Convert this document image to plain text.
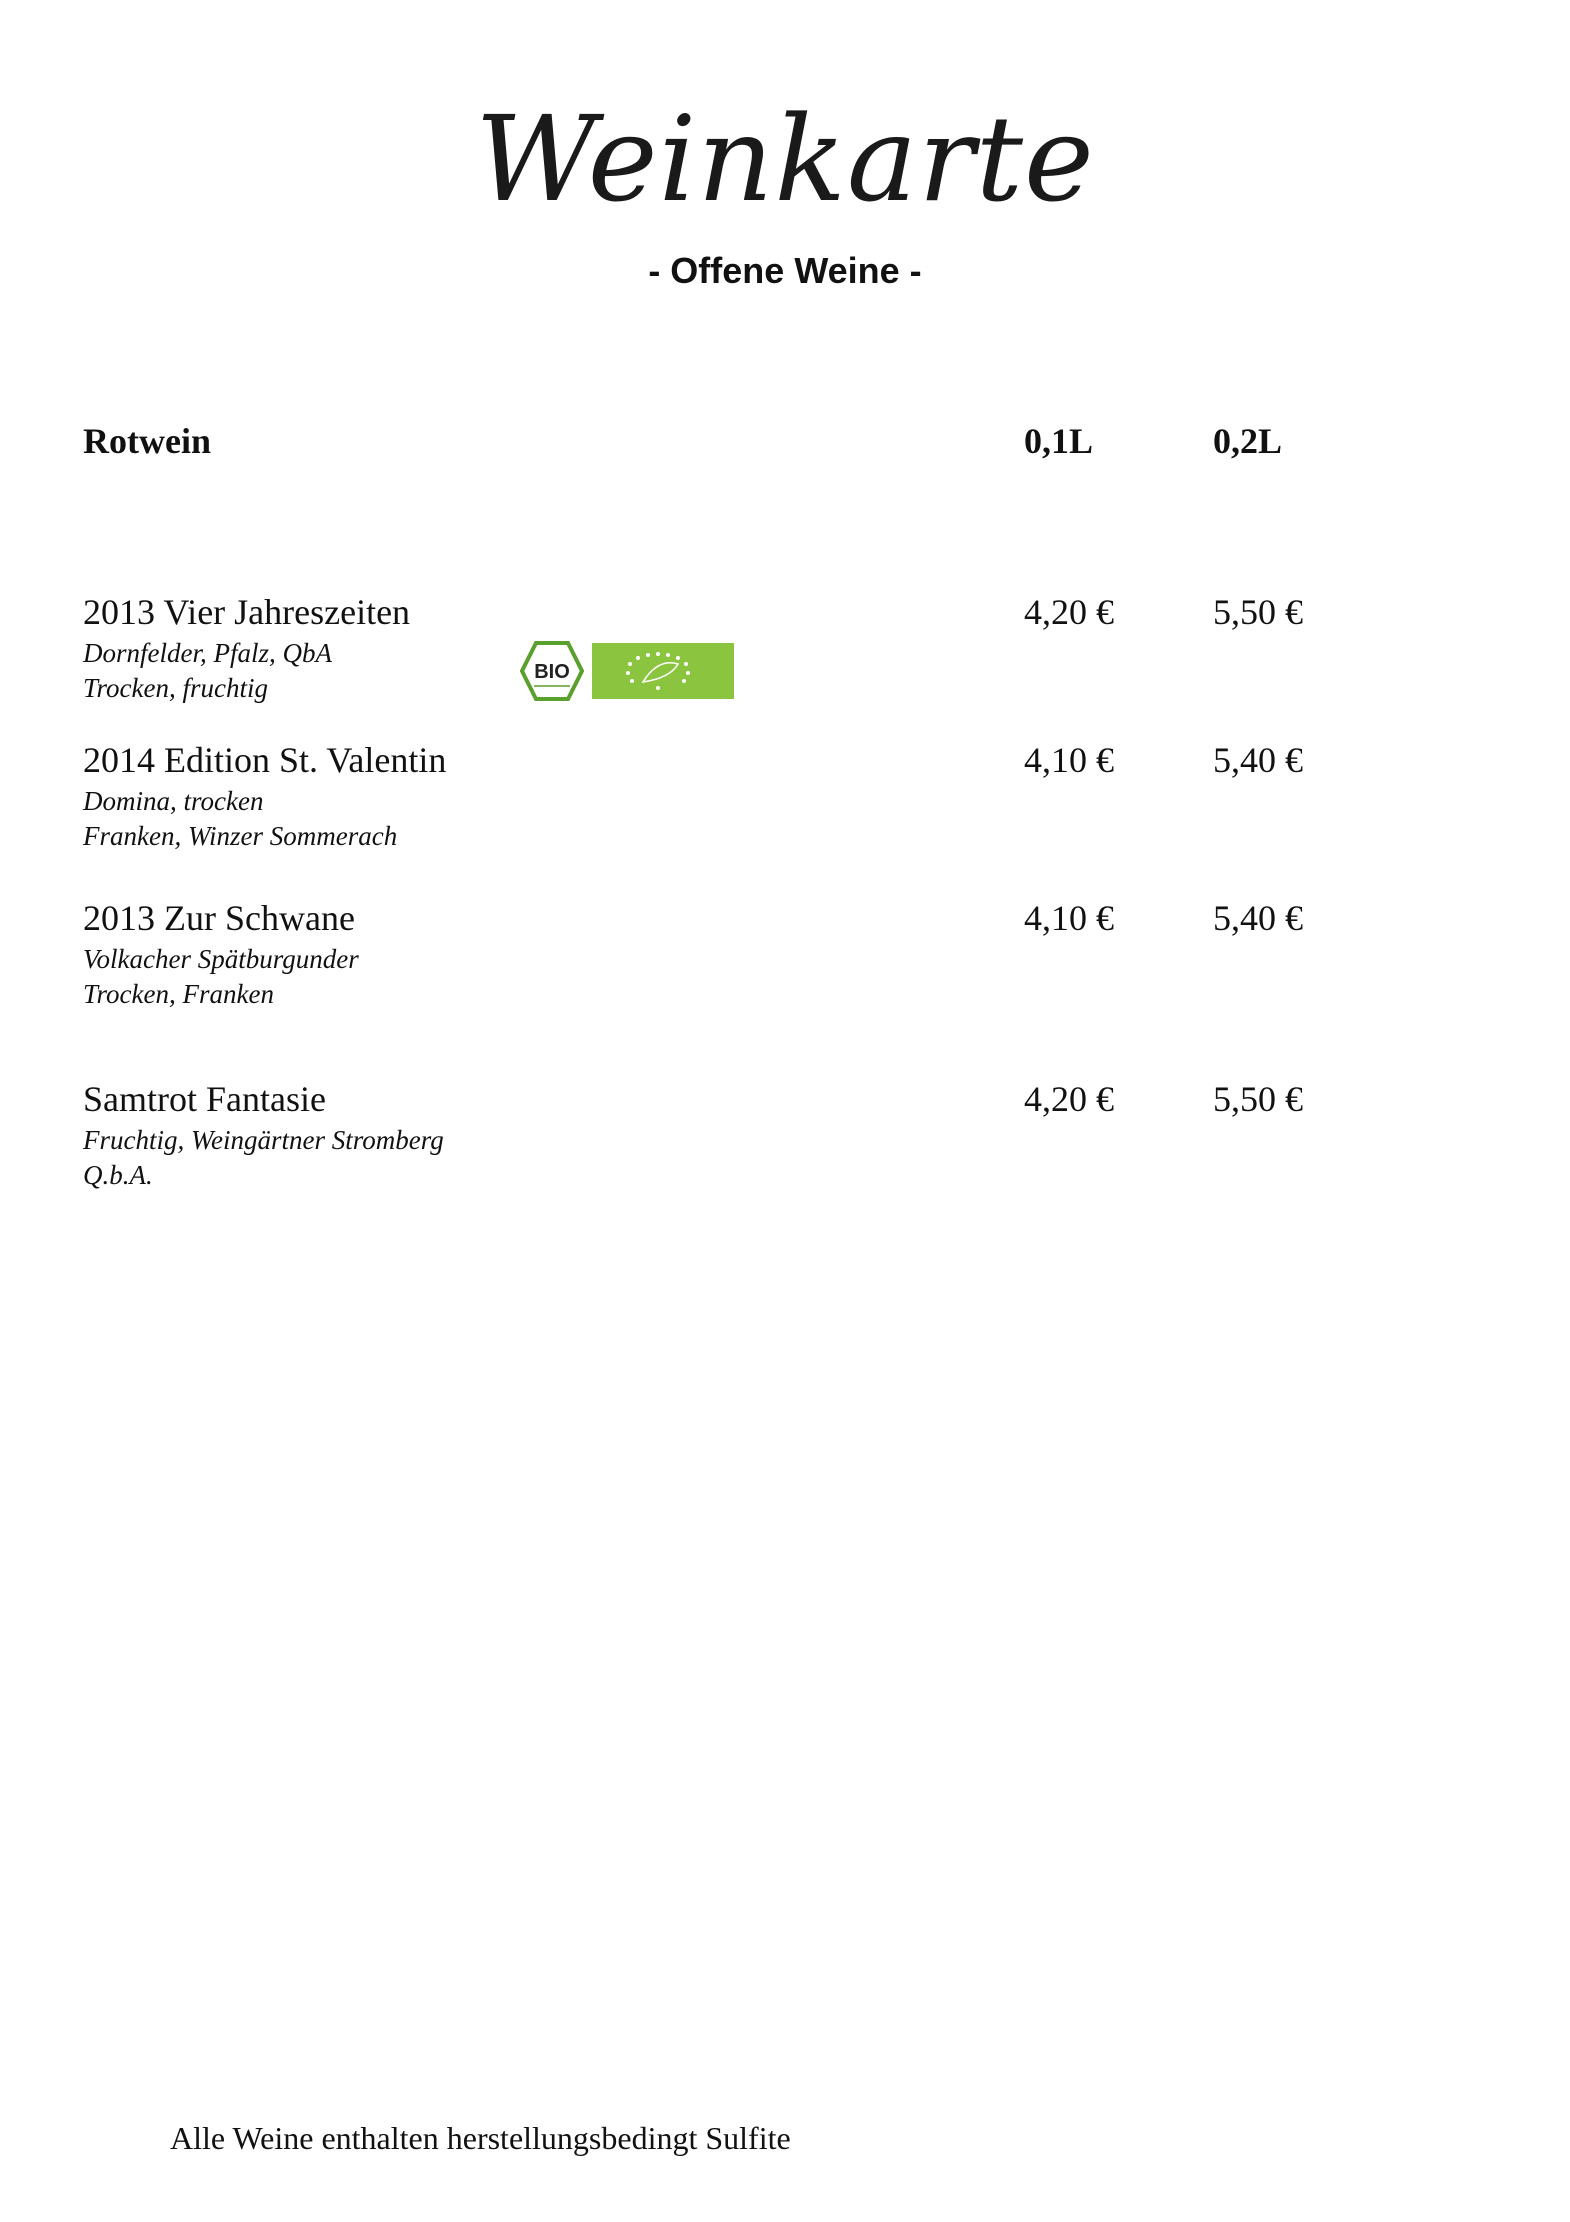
Weinkarte
- Offene Weine -
Rotwein	0,1L	0,2L
2013 Vier Jahreszeiten
Dornfelder, Pfalz, QbA
Trocken, fruchtig
4,20 €	5,50 €
BIO
2014 Edition St. Valentin
Domina, trocken
Franken, Winzer Sommerach
4,10 €	5,40 €
2013 Zur Schwane
Volkacher Spätburgunder
Trocken, Franken
4,10 €	5,40 €
Samtrot Fantasie
Fruchtig, Weingärtner Stromberg
Q.b.A.
4,20 €	5,50 €
Alle Weine enthalten herstellungsbedingt Sulfite
